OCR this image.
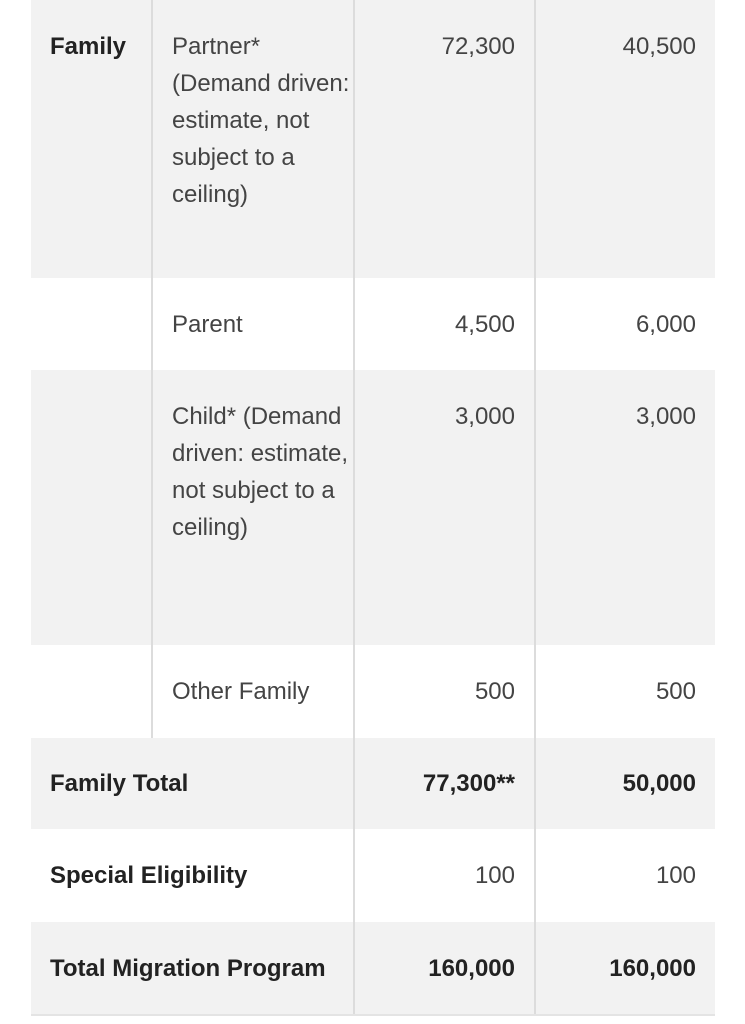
Family	Partner* (Demand driven: estimate, not subject to a ceiling)	72,300	40,500
	Parent	4,500	6,000
	Child* (Demand driven: estimate, not subject to a ceiling)	3,000	3,000
	Other Family	500	500
Family Total		77,300**	50,000
Special Eligibility		100	100
Total Migration Program		160,000	160,000
